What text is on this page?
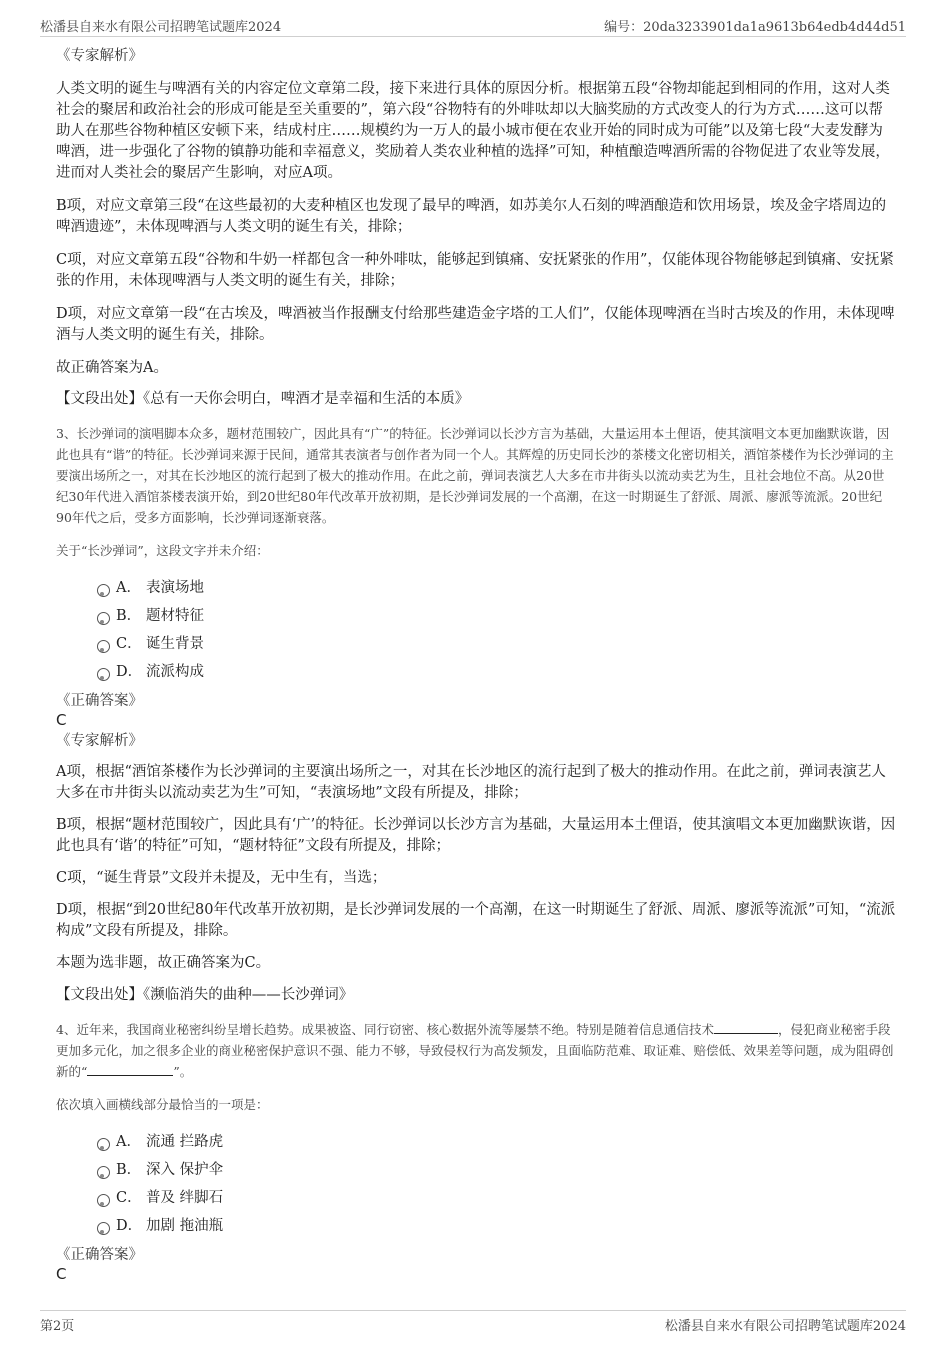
松潘县自来水有限公司招聘笔试题库2024	编号：20da3233901da1a9613b64edb4d44d51

《专家解析》

人类文明的诞生与啤酒有关的内容定位文章第二段，接下来进行具体的原因分析。根据第五段“谷物却能起到相同的作用，这对人类社会的聚居和政治社会的形成可能是至关重要的”，第六段“谷物特有的外啡呔却以大脑奖励的方式改变人的行为方式……这可以帮助人在那些谷物种植区安顿下来，结成村庄……规模约为一万人的最小城市便在农业开始的同时成为可能”以及第七段“大麦发酵为啤酒，进一步强化了谷物的镇静功能和幸福意义，奖励着人类农业种植的选择”可知，种植酿造啤酒所需的谷物促进了农业等发展，进而对人类社会的聚居产生影响，对应A项。

B项，对应文章第三段“在这些最初的大麦种植区也发现了最早的啤酒，如苏美尔人石刻的啤酒酿造和饮用场景，埃及金字塔周边的啤酒遗迹”，未体现啤酒与人类文明的诞生有关，排除；

C项，对应文章第五段“谷物和牛奶一样都包含一种外啡呔，能够起到镇痛、安抚紧张的作用”，仅能体现谷物能够起到镇痛、安抚紧张的作用，未体现啤酒与人类文明的诞生有关，排除；

D项，对应文章第一段“在古埃及，啤酒被当作报酬支付给那些建造金字塔的工人们”，仅能体现啤酒在当时古埃及的作用，未体现啤酒与人类文明的诞生有关，排除。

故正确答案为A。

【文段出处】《总有一天你会明白，啤酒才是幸福和生活的本质》

3、长沙弹词的演唱脚本众多，题材范围较广，因此具有“广”的特征。长沙弹词以长沙方言为基础，大量运用本土俚语，使其演唱文本更加幽默诙谐，因此也具有“谐”的特征。长沙弹词来源于民间，通常其表演者与创作者为同一个人。其辉煌的历史同长沙的茶楼文化密切相关，酒馆茶楼作为长沙弹词的主要演出场所之一，对其在长沙地区的流行起到了极大的推动作用。在此之前，弹词表演艺人大多在市井街头以流动卖艺为生，且社会地位不高。从20世纪30年代进入酒馆茶楼表演开始，到20世纪80年代改革开放初期，是长沙弹词发展的一个高潮，在这一时期诞生了舒派、周派、廖派等流派。20世纪90年代之后，受多方面影响，长沙弹词逐渐衰落。

关于“长沙弹词”，这段文字并未介绍：

A． 表演场地
B． 题材特征
C． 诞生背景
D． 流派构成

《正确答案》

C

《专家解析》

A项，根据“酒馆茶楼作为长沙弹词的主要演出场所之一，对其在长沙地区的流行起到了极大的推动作用。在此之前，弹词表演艺人大多在市井街头以流动卖艺为生”可知，“表演场地”文段有所提及，排除；

B项，根据“题材范围较广，因此具有‘广’的特征。长沙弹词以长沙方言为基础，大量运用本土俚语，使其演唱文本更加幽默诙谐，因此也具有‘谐’的特征”可知，“题材特征”文段有所提及，排除；

C项，“诞生背景”文段并未提及，无中生有，当选；

D项，根据“到20世纪80年代改革开放初期，是长沙弹词发展的一个高潮，在这一时期诞生了舒派、周派、廖派等流派”可知，“流派构成”文段有所提及，排除。

本题为选非题，故正确答案为C。

【文段出处】《濒临消失的曲种——长沙弹词》

4、近年来，我国商业秘密纠纷呈增长趋势。成果被盗、同行窃密、核心数据外流等屡禁不绝。特别是随着信息通信技术	，侵犯商业秘密手段更加多元化，加之很多企业的商业秘密保护意识不强、能力不够，导致侵权行为高发频发，且面临防范难、取证难、赔偿低、效果差等问题，成为阻碍创新的“	”。

依次填入画横线部分最恰当的一项是：

A． 流通 拦路虎
B． 深入 保护伞
C． 普及 绊脚石
D． 加剧 拖油瓶

《正确答案》

C

第2页	松潘县自来水有限公司招聘笔试题库2024
